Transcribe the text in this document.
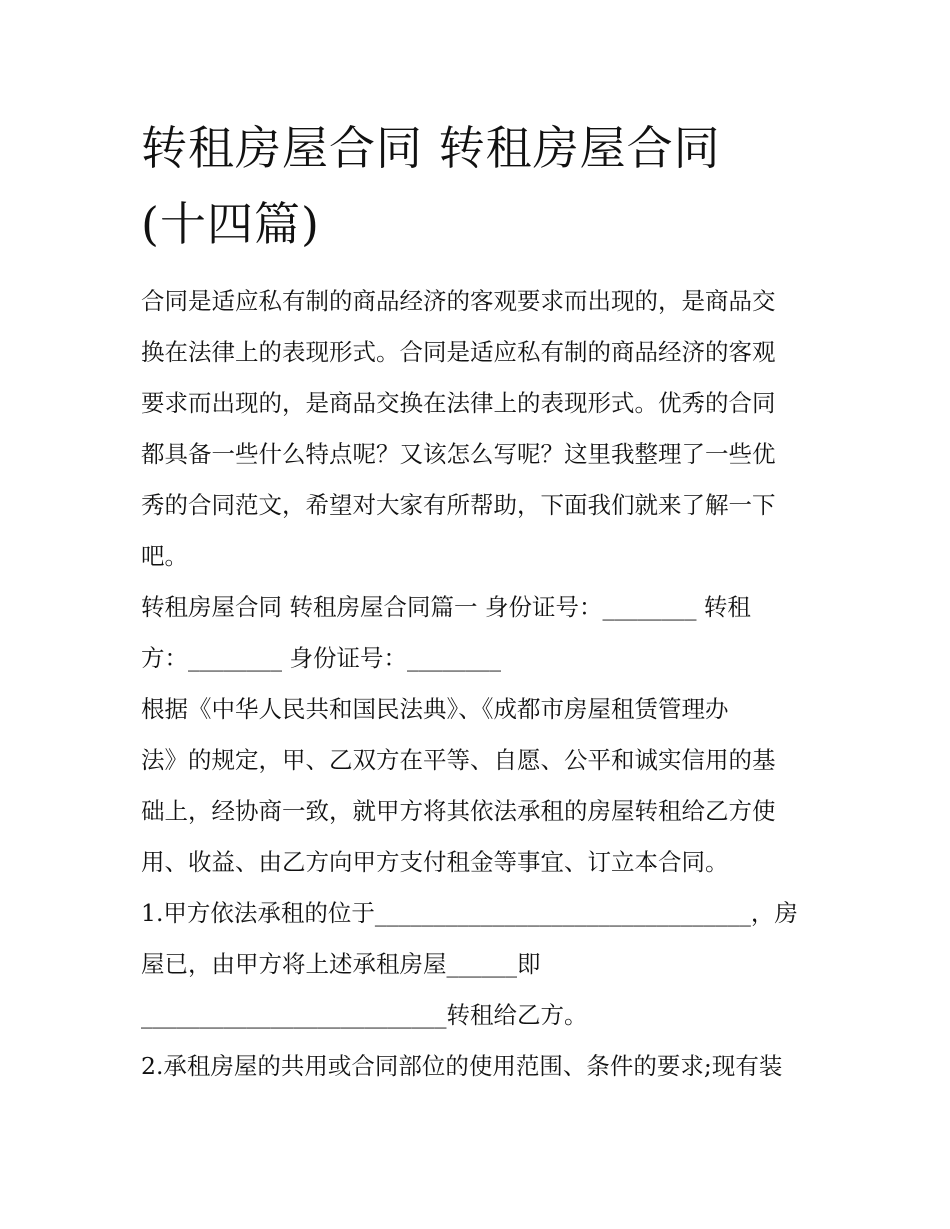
转租房屋合同 转租房屋合同
(十四篇)
合同是适应私有制的商品经济的客观要求而出现的，是商品交
换在法律上的表现形式。合同是适应私有制的商品经济的客观
要求而出现的，是商品交换在法律上的表现形式。优秀的合同
都具备一些什么特点呢？又该怎么写呢？这里我整理了一些优
秀的合同范文，希望对大家有所帮助，下面我们就来了解一下
吧。
转租房屋合同 转租房屋合同篇一 身份证号：________ 转租
方：________ 身份证号：________
根据《中华人民共和国民法典》、《成都市房屋租赁管理办
法》的规定，甲、乙双方在平等、自愿、公平和诚实信用的基
础上，经协商一致，就甲方将其依法承租的房屋转租给乙方使
用、收益、由乙方向甲方支付租金等事宜、订立本合同。
1.甲方依法承租的位于________________________________，房
屋已，由甲方将上述承租房屋______即
__________________________转租给乙方。
2.承租房屋的共用或合同部位的使用范围、条件的要求;现有装
